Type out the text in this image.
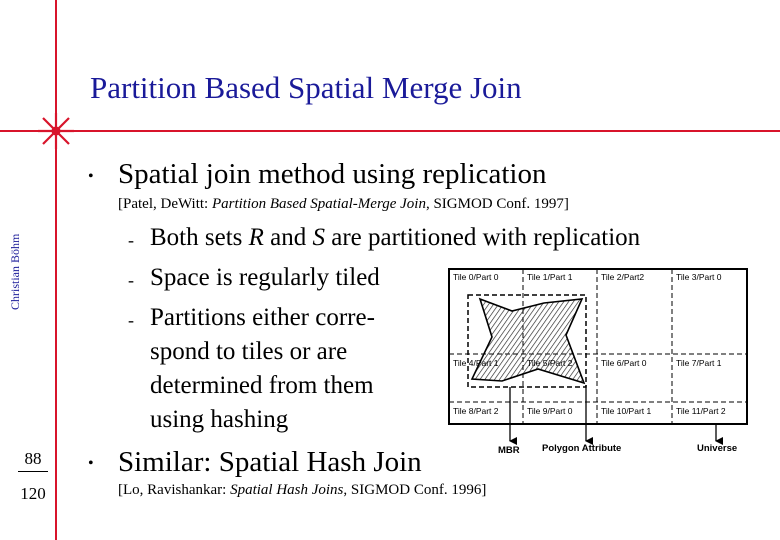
Partition Based Spatial Merge Join
Christian Böhm
88
120
• Spatial join method using replication
[Patel, DeWitt: Partition Based Spatial-Merge Join, SIGMOD Conf. 1997]
- Both sets R and S are partitioned with replication
- Space is regularly tiled
- Partitions either corre-
spond to tiles or are
determined from them
using hashing
• Similar: Spatial Hash Join
[Lo, Ravishankar: Spatial Hash Joins, SIGMOD Conf. 1996]
Tile 0/Part 0	Tile 1/Part 1	Tile 2/Part2	Tile 3/Part 0
Tile 4/Part 1	Tile 5/Part 2	Tile 6/Part 0	Tile 7/Part 1
Tile 8/Part 2	Tile 9/Part 0	Tile 10/Part 1	Tile 11/Part 2
MBR Polygon Attribute	Universe
